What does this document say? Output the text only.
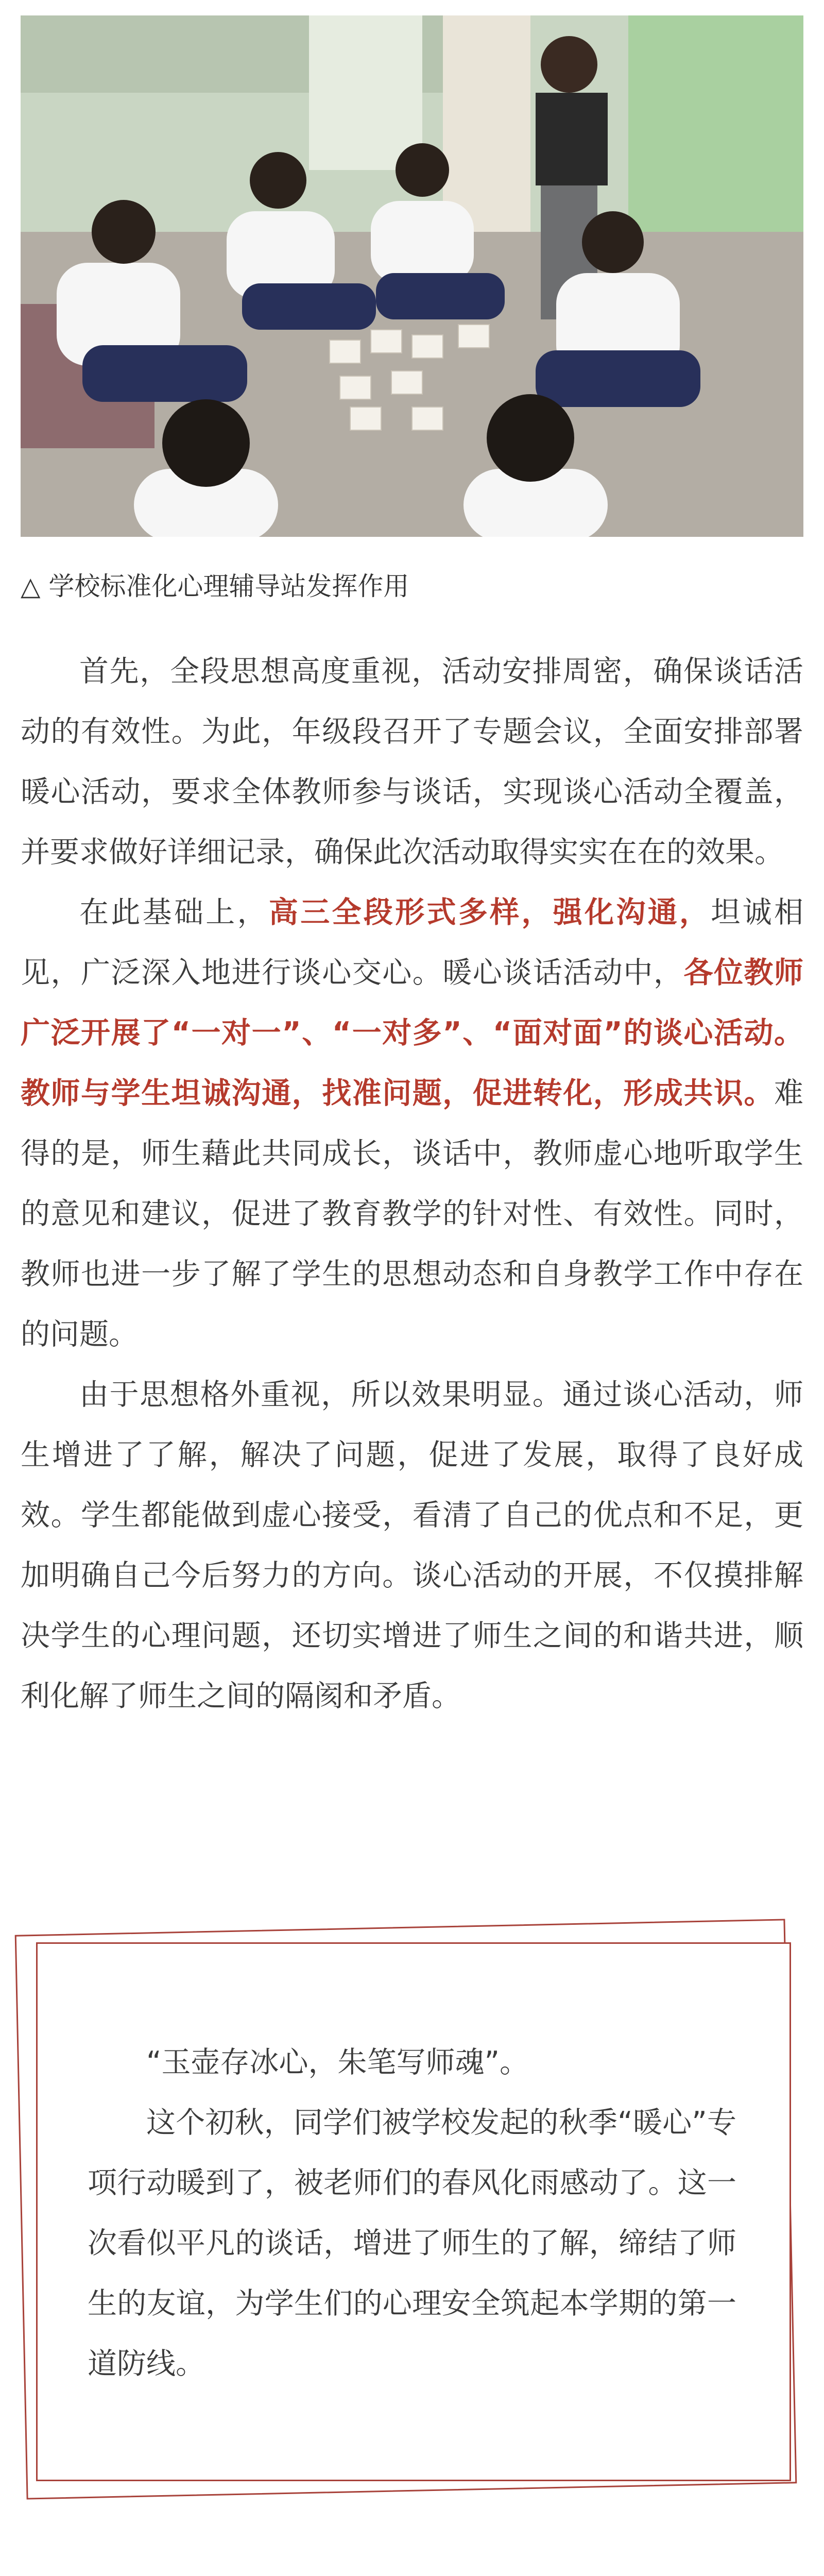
△ 学校标准化心理辅导站发挥作用

首先，全段思想高度重视，活动安排周密，确保谈话活动的有效性。为此，年级段召开了专题会议，全面安排部署暖心活动，要求全体教师参与谈话，实现谈心活动全覆盖，并要求做好详细记录，确保此次活动取得实实在在的效果。

在此基础上，高三全段形式多样，强化沟通，坦诚相见，广泛深入地进行谈心交心。暖心谈话活动中，各位教师广泛开展了“一对一”、“一对多”、“面对面”的谈心活动。教师与学生坦诚沟通，找准问题，促进转化，形成共识。难得的是，师生藉此共同成长，谈话中，教师虚心地听取学生的意见和建议，促进了教育教学的针对性、有效性。同时，教师也进一步了解了学生的思想动态和自身教学工作中存在的问题。

由于思想格外重视，所以效果明显。通过谈心活动，师生增进了了解，解决了问题，促进了发展，取得了良好成效。学生都能做到虚心接受，看清了自己的优点和不足，更加明确自己今后努力的方向。谈心活动的开展，不仅摸排解决学生的心理问题，还切实增进了师生之间的和谐共进，顺利化解了师生之间的隔阂和矛盾。

“玉壶存冰心，朱笔写师魂”。

这个初秋，同学们被学校发起的秋季“暖心”专项行动暖到了，被老师们的春风化雨感动了。这一次看似平凡的谈话，增进了师生的了解，缔结了师生的友谊，为学生们的心理安全筑起本学期的第一道防线。
